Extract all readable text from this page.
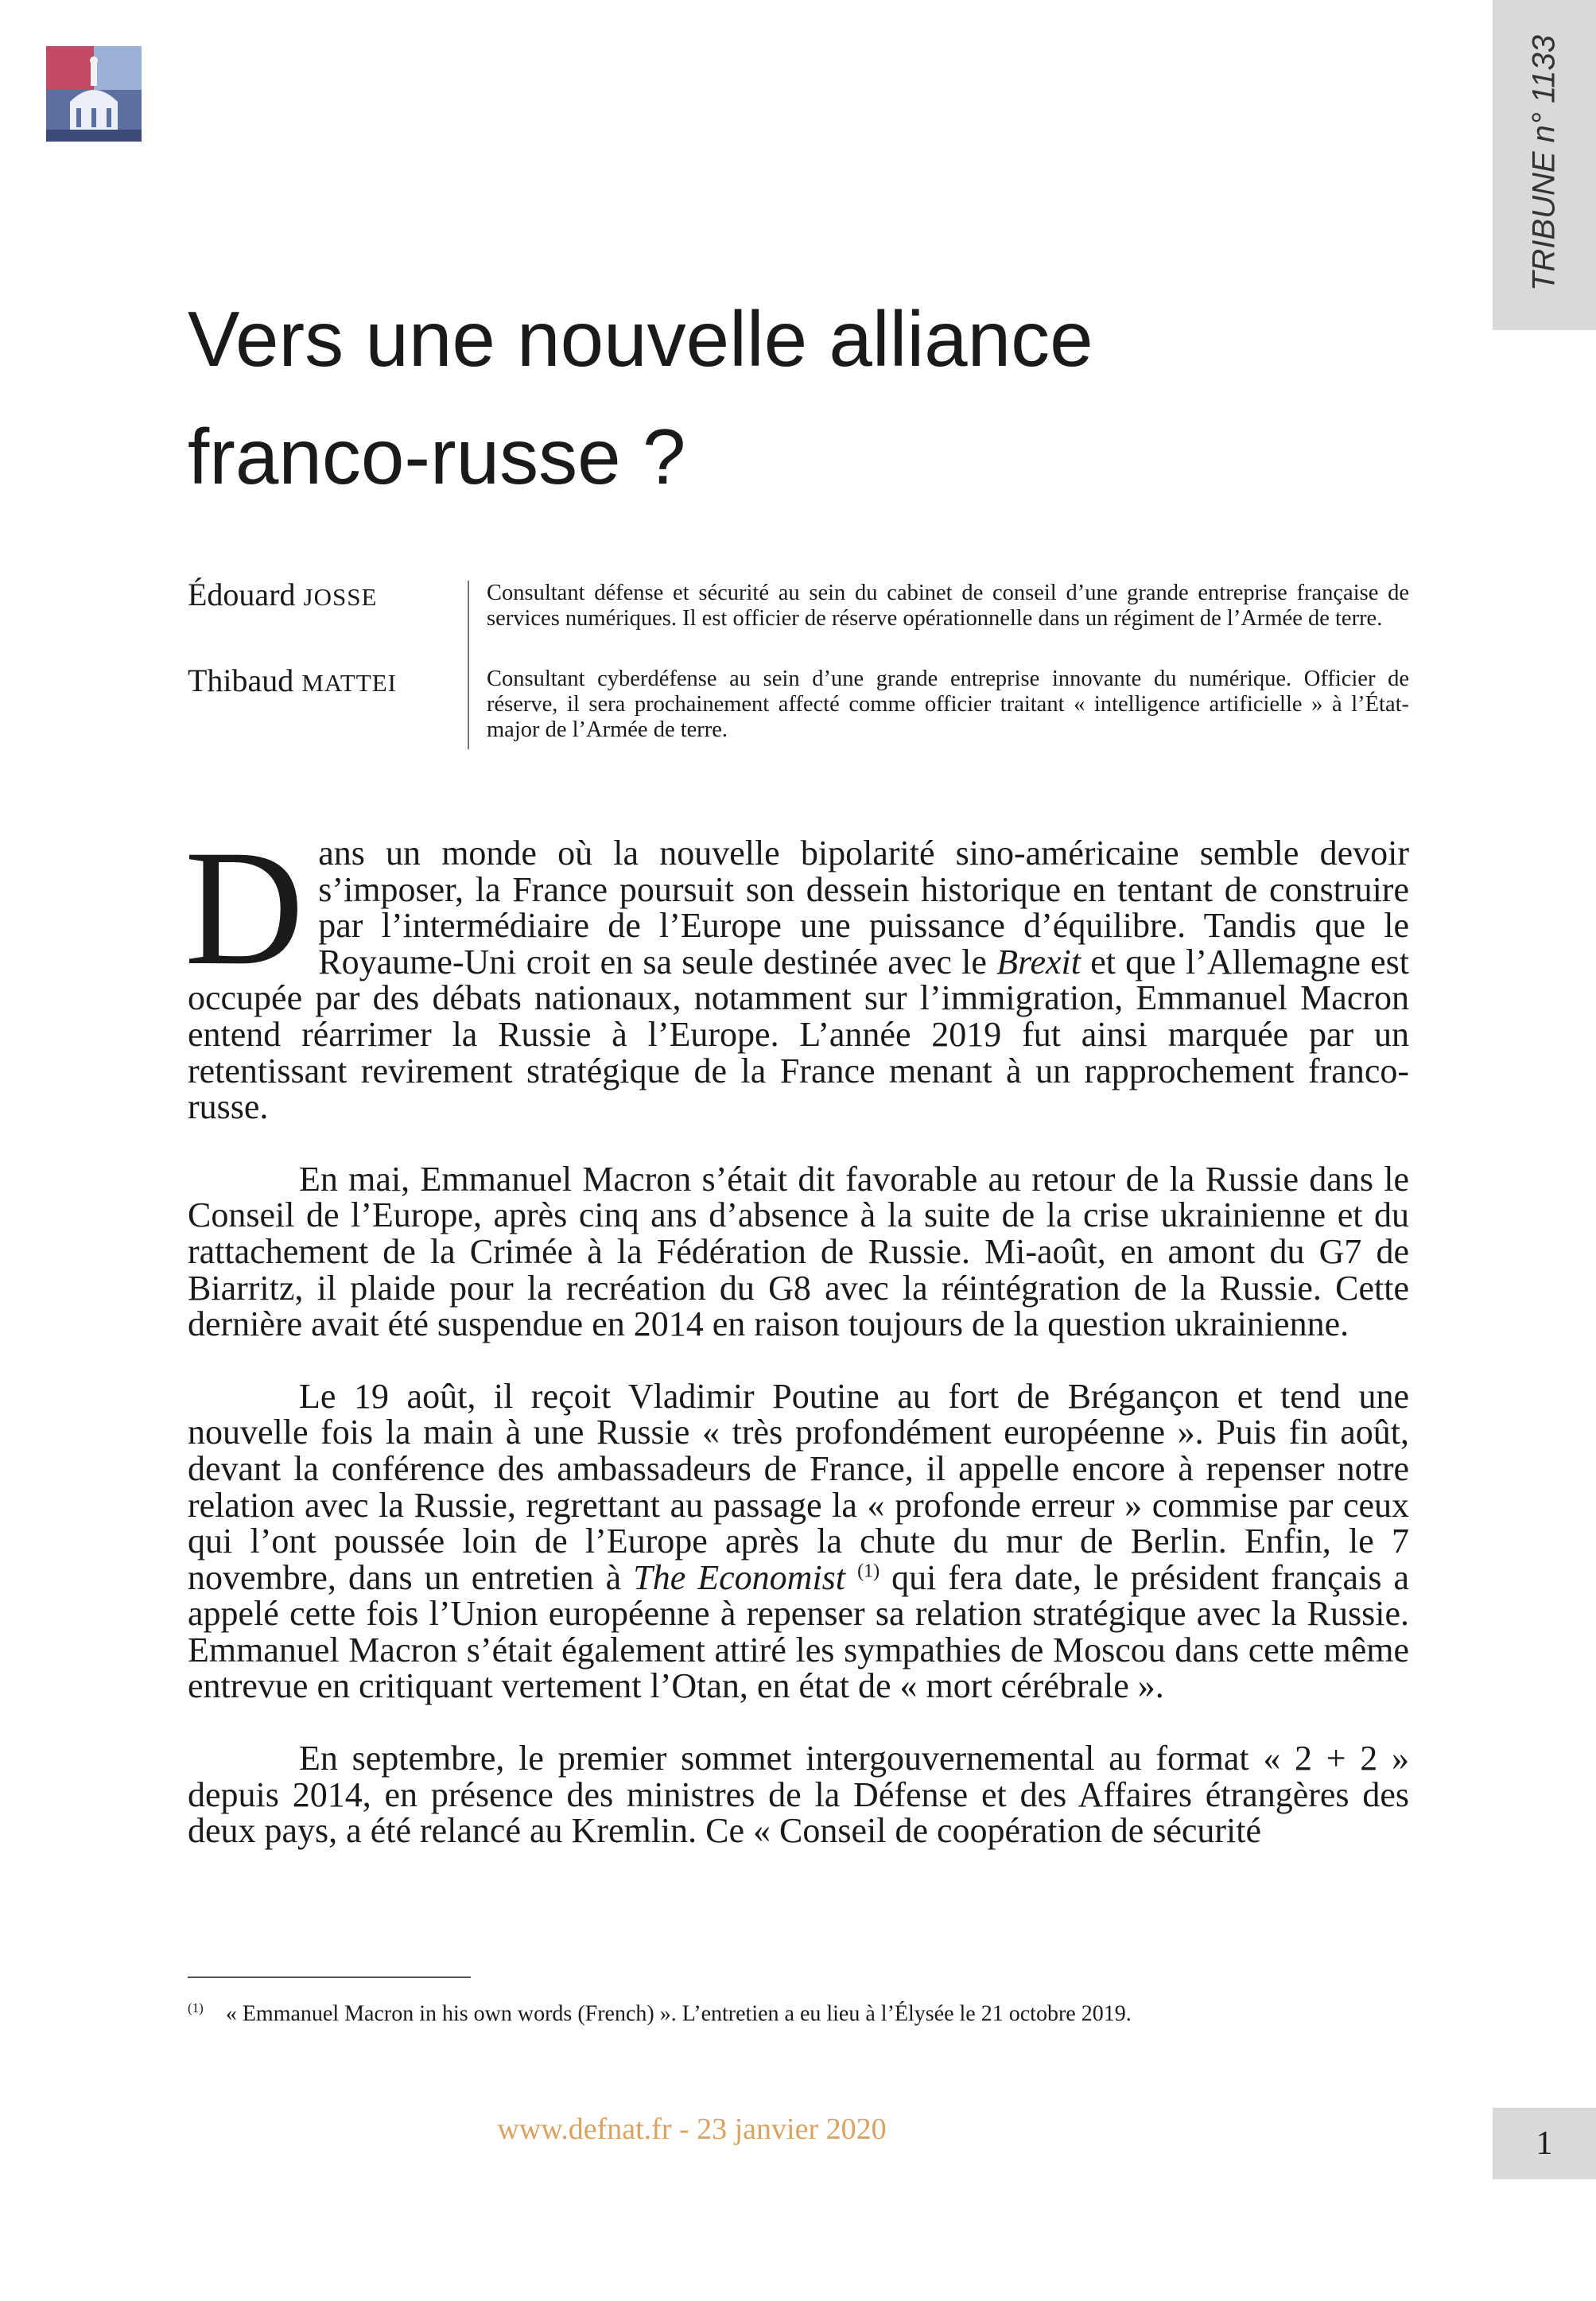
TRIBUNE n° 1133
Vers une nouvelle alliance
franco-russe ?
Édouard JOSSE	Consultant défense et sécurité au sein du cabinet de conseil d’une grande entreprise française de services numériques. Il est officier de réserve opérationnelle dans un régiment de l’Armée de terre.
Thibaud MATTEI	Consultant cyberdéfense au sein d’une grande entreprise innovante du numérique. Officier de réserve, il sera prochainement affecté comme officier traitant « intelligence artificielle » à l’État-major de l’Armée de terre.

Dans un monde où la nouvelle bipolarité sino-américaine semble devoir s’imposer, la France poursuit son dessein historique en tentant de construire par l’intermédiaire de l’Europe une puissance d’équilibre. Tandis que le Royaume-Uni croit en sa seule destinée avec le Brexit et que l’Allemagne est occupée par des débats nationaux, notamment sur l’immigration, Emmanuel Macron entend réarrimer la Russie à l’Europe. L’année 2019 fut ainsi marquée par un retentissant revirement stratégique de la France menant à un rapprochement franco-russe.

En mai, Emmanuel Macron s’était dit favorable au retour de la Russie dans le Conseil de l’Europe, après cinq ans d’absence à la suite de la crise ukrainienne et du rattachement de la Crimée à la Fédération de Russie. Mi-août, en amont du G7 de Biarritz, il plaide pour la recréation du G8 avec la réintégration de la Russie. Cette dernière avait été suspendue en 2014 en raison toujours de la question ukrainienne.

Le 19 août, il reçoit Vladimir Poutine au fort de Brégançon et tend une nouvelle fois la main à une Russie « très profondément européenne ». Puis fin août, devant la conférence des ambassadeurs de France, il appelle encore à repenser notre relation avec la Russie, regrettant au passage la « profonde erreur » commise par ceux qui l’ont poussée loin de l’Europe après la chute du mur de Berlin. Enfin, le 7 novembre, dans un entretien à The Economist $^{(1)}$ qui fera date, le président français a appelé cette fois l’Union européenne à repenser sa relation stratégique avec la Russie. Emmanuel Macron s’était également attiré les sympathies de Moscou dans cette même entrevue en critiquant vertement l’Otan, en état de « mort cérébrale ».

En septembre, le premier sommet intergouvernemental au format « 2 + 2 » depuis 2014, en présence des ministres de la Défense et des Affaires étrangères des deux pays, a été relancé au Kremlin. Ce « Conseil de coopération de sécurité

$^{(1)}$ « Emmanuel Macron in his own words (French) ». L’entretien a eu lieu à l’Élysée le 21 octobre 2019.
www.defnat.fr - 23 janvier 2020	1
